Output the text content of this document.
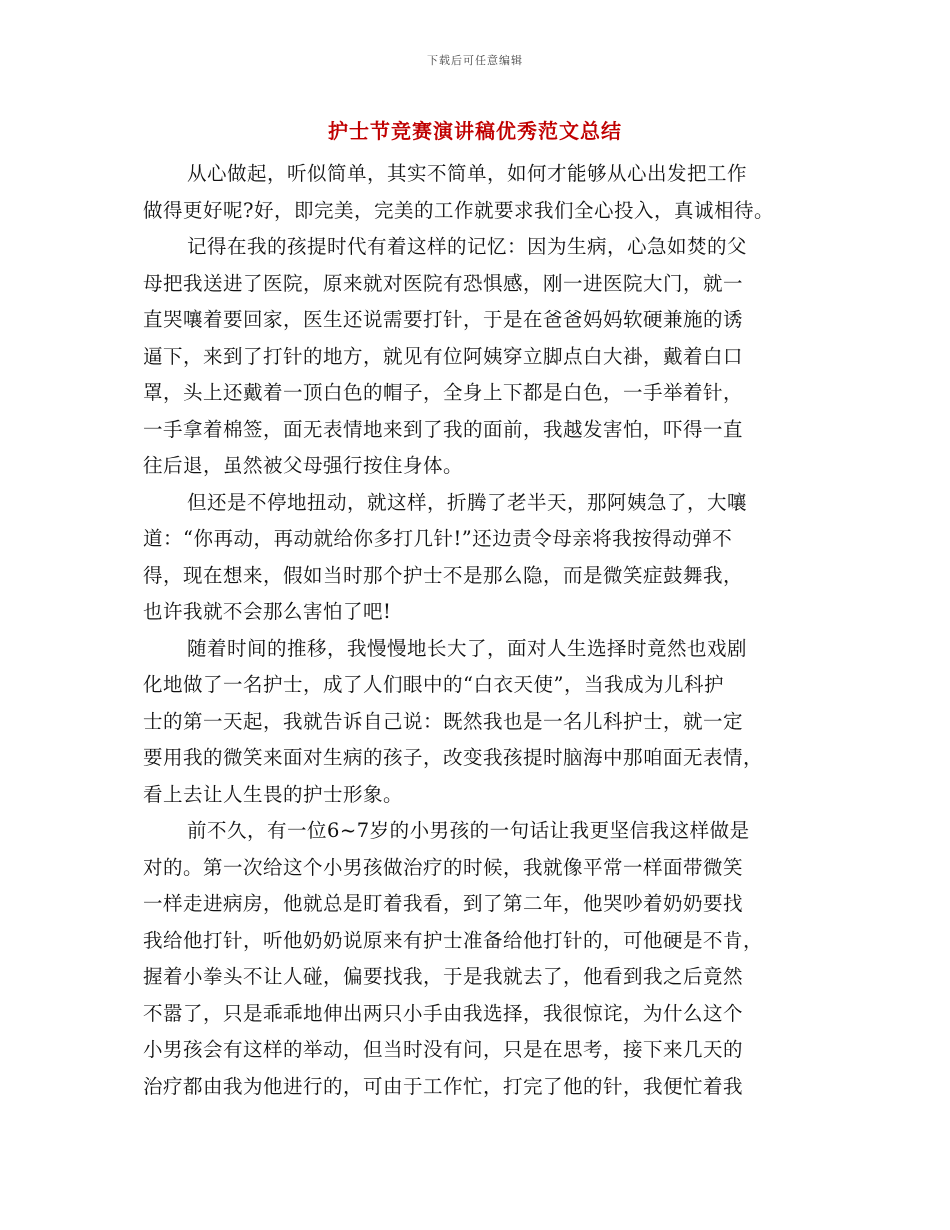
下载后可任意编辑
护士节竞赛演讲稿优秀范文总结
从心做起，听似简单，其实不简单，如何才能够从心出发把工作
做得更好呢?好，即完美，完美的工作就要求我们全心投入，真诚相待。
记得在我的孩提时代有着这样的记忆：因为生病，心急如焚的父
母把我送进了医院，原来就对医院有恐惧感，刚一进医院大门，就一
直哭嚷着要回家，医生还说需要打针，于是在爸爸妈妈软硬兼施的诱
逼下，来到了打针的地方，就见有位阿姨穿立脚点白大褂，戴着白口
罩，头上还戴着一顶白色的帽子，全身上下都是白色，一手举着针，
一手拿着棉签，面无表情地来到了我的面前，我越发害怕，吓得一直
往后退，虽然被父母强行按住身体。
但还是不停地扭动，就这样，折腾了老半天，那阿姨急了，大嚷
道：“你再动，再动就给你多打几针!”还边责令母亲将我按得动弹不
得，现在想来，假如当时那个护士不是那么隐，而是微笑症鼓舞我，
也许我就不会那么害怕了吧!
随着时间的推移，我慢慢地长大了，面对人生选择时竟然也戏剧
化地做了一名护士，成了人们眼中的“白衣天使”，当我成为儿科护
士的第一天起，我就告诉自己说：既然我也是一名儿科护士，就一定
要用我的微笑来面对生病的孩子，改变我孩提时脑海中那咱面无表情，
看上去让人生畏的护士形象。
前不久，有一位6~7岁的小男孩的一句话让我更坚信我这样做是
对的。第一次给这个小男孩做治疗的时候，我就像平常一样面带微笑
一样走进病房，他就总是盯着我看，到了第二年，他哭吵着奶奶要找
我给他打针，听他奶奶说原来有护士准备给他打针的，可他硬是不肯，
握着小拳头不让人碰，偏要找我，于是我就去了，他看到我之后竟然
不嚣了，只是乖乖地伸出两只小手由我选择，我很惊诧，为什么这个
小男孩会有这样的举动，但当时没有问，只是在思考，接下来几天的
治疗都由我为他进行的，可由于工作忙，打完了他的针，我便忙着我
